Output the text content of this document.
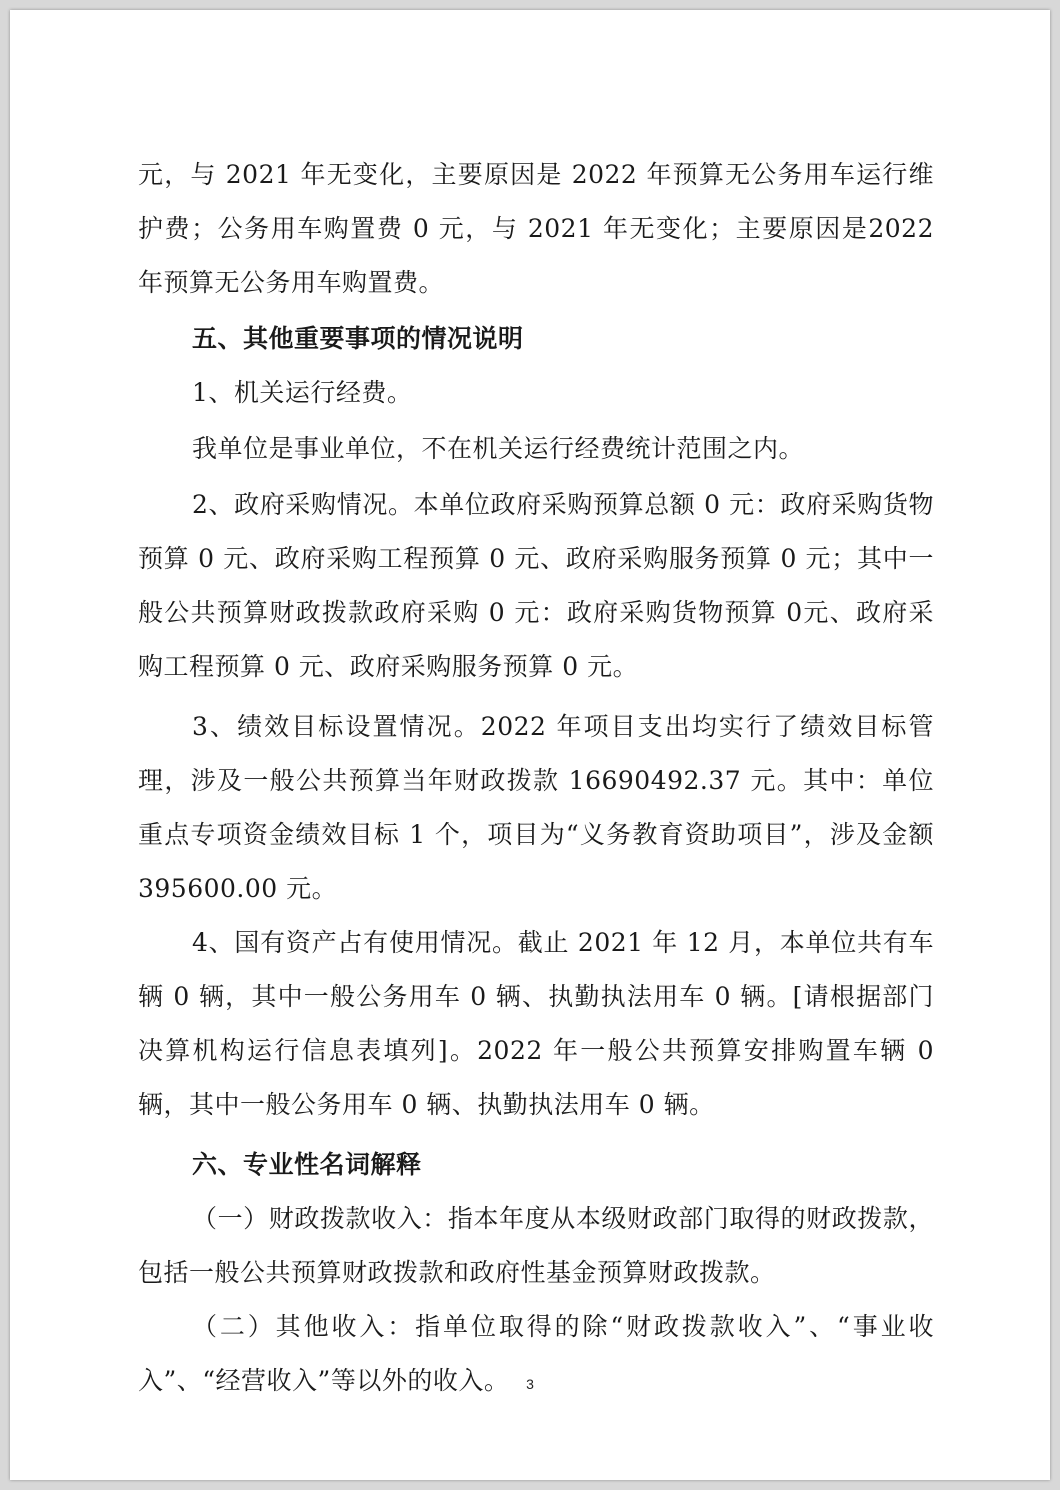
元，与 2021 年无变化，主要原因是 2022 年预算无公务用车运行维护费；公务用车购置费 0 元，与 2021 年无变化；主要原因是2022 年预算无公务用车购置费。

五、其他重要事项的情况说明

1、机关运行经费。

我单位是事业单位，不在机关运行经费统计范围之内。

2、政府采购情况。本单位政府采购预算总额 0 元：政府采购货物预算 0 元、政府采购工程预算 0 元、政府采购服务预算 0 元；其中一般公共预算财政拨款政府采购 0 元：政府采购货物预算 0元、政府采购工程预算 0 元、政府采购服务预算 0 元。

3、绩效目标设置情况。2022 年项目支出均实行了绩效目标管理，涉及一般公共预算当年财政拨款 16690492.37 元。其中：单位重点专项资金绩效目标 1 个，项目为“义务教育资助项目”，涉及金额　395600.00 元。

4、国有资产占有使用情况。截止 2021 年 12 月，本单位共有车辆 0 辆，其中一般公务用车 0 辆、执勤执法用车 0 辆。[请根据部门决算机构运行信息表填列]。2022 年一般公共预算安排购置车辆 0 辆，其中一般公务用车 0 辆、执勤执法用车 0 辆。

六、专业性名词解释

（一）财政拨款收入：指本年度从本级财政部门取得的财政拨款，包括一般公共预算财政拨款和政府性基金预算财政拨款。

（二）其他收入：指单位取得的除“财政拨款收入”、“事业收入”、“经营收入”等以外的收入。	3
